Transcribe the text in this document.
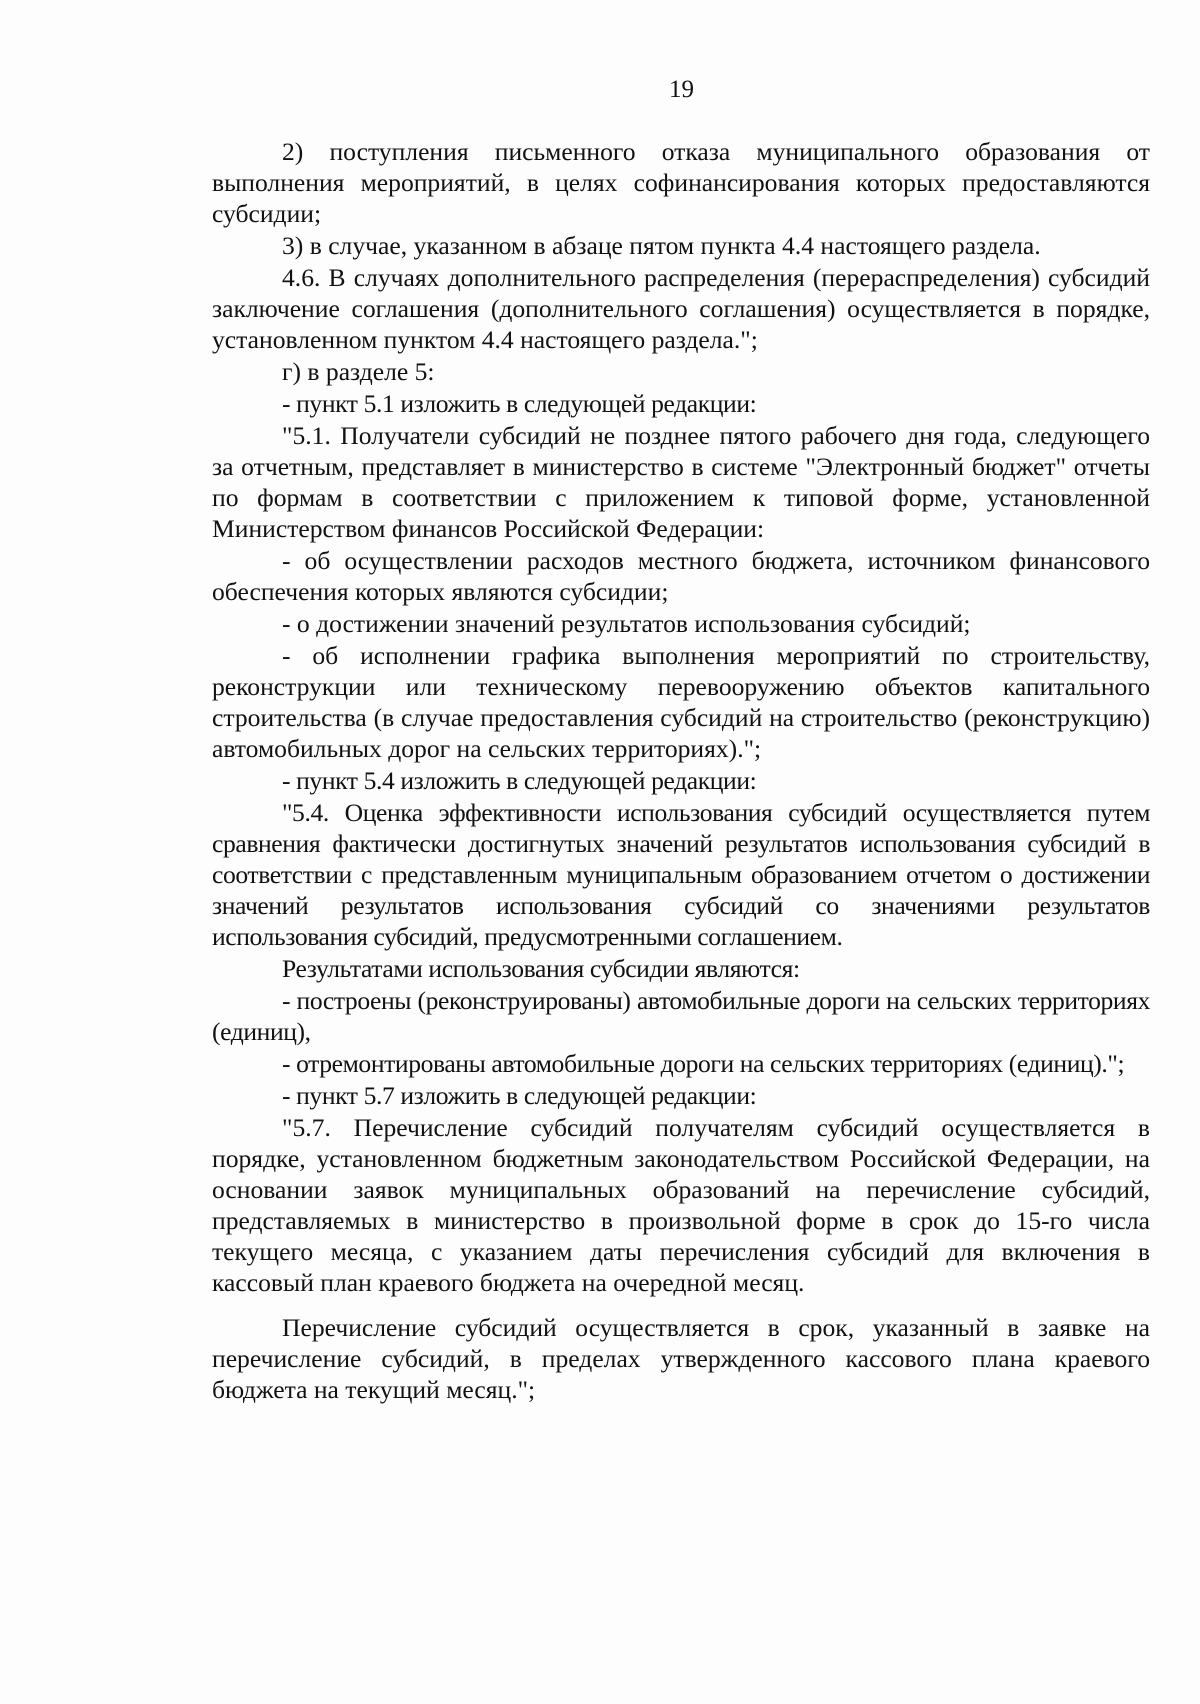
19

2) поступления письменного отказа муниципального образования от выполнения мероприятий, в целях софинансирования которых предоставляются субсидии;

3) в случае, указанном в абзаце пятом пункта 4.4 настоящего раздела.

4.6. В случаях дополнительного распределения (перераспределения) субсидий заключение соглашения (дополнительного соглашения) осуществляется в порядке, установленном пунктом 4.4 настоящего раздела.";

г) в разделе 5:

- пункт 5.1 изложить в следующей редакции:

"5.1. Получатели субсидий не позднее пятого рабочего дня года, следующего за отчетным, представляет в министерство в системе "Электронный бюджет" отчеты по формам в соответствии с приложением к типовой форме, установленной Министерством финансов Российской Федерации:

- об осуществлении расходов местного бюджета, источником финансового обеспечения которых являются субсидии;

- о достижении значений результатов использования субсидий;

- об исполнении графика выполнения мероприятий по строительству, реконструкции или техническому перевооружению объектов капитального строительства (в случае предоставления субсидий на строительство (реконструкцию) автомобильных дорог на сельских территориях).";

- пункт 5.4 изложить в следующей редакции:

"5.4. Оценка эффективности использования субсидий осуществляется путем сравнения фактически достигнутых значений результатов использования субсидий в соответствии с представленным муниципальным образованием отчетом о достижении значений результатов использования субсидий со значениями результатов использования субсидий, предусмотренными соглашением.

Результатами использования субсидии являются:

- построены (реконструированы) автомобильные дороги на сельских территориях (единиц),

- отремонтированы автомобильные дороги на сельских территориях (единиц).";

- пункт 5.7 изложить в следующей редакции:

"5.7. Перечисление субсидий получателям субсидий осуществляется в порядке, установленном бюджетным законодательством Российской Федерации, на основании заявок муниципальных образований на перечисление субсидий, представляемых в министерство в произвольной форме в срок до 15-го числа текущего месяца, с указанием даты перечисления субсидий для включения в кассовый план краевого бюджета на очередной месяц.

Перечисление субсидий осуществляется в срок, указанный в заявке на перечисление субсидий, в пределах утвержденного кассового плана краевого бюджета на текущий месяц.";
